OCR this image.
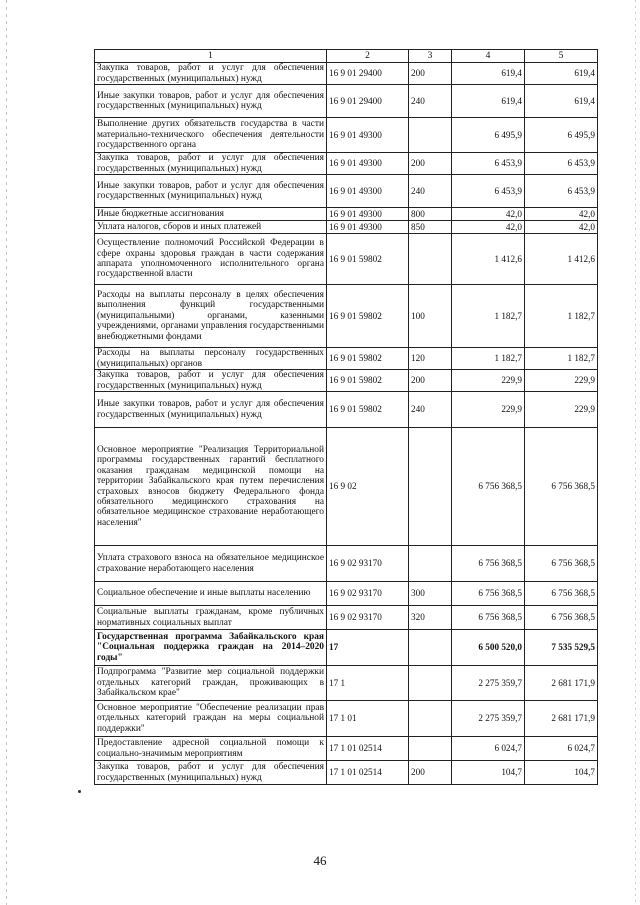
1	2	3	4	5
Закупка товаров, работ и услуг для обеспечения государственных (муниципальных) нужд	16 9 01 29400	200	619,4	619,4
Иные закупки товаров, работ и услуг для обеспечения государственных (муниципальных) нужд	16 9 01 29400	240	619,4	619,4
Выполнение других обязательств государства в части материально-технического обеспечения деятельности государственного органа	16 9 01 49300		6 495,9	6 495,9
Закупка товаров, работ и услуг для обеспечения государственных (муниципальных) нужд	16 9 01 49300	200	6 453,9	6 453,9
Иные закупки товаров, работ и услуг для обеспечения государственных (муниципальных) нужд	16 9 01 49300	240	6 453,9	6 453,9
Иные бюджетные ассигнования	16 9 01 49300	800	42,0	42,0
Уплата налогов, сборов и иных платежей	16 9 01 49300	850	42,0	42,0
Осуществление полномочий Российской Федерации в сфере охраны здоровья граждан в части содержания аппарата уполномоченного исполнительного органа государственной власти	16 9 01 59802		1 412,6	1 412,6
Расходы на выплаты персоналу в целях обеспечения выполнения функций государственными (муниципальными) органами, казенными учреждениями, органами управления государственными внебюджетными фондами	16 9 01 59802	100	1 182,7	1 182,7
Расходы на выплаты персоналу государственных (муниципальных) органов	16 9 01 59802	120	1 182,7	1 182,7
Закупка товаров, работ и услуг для обеспечения государственных (муниципальных) нужд	16 9 01 59802	200	229,9	229,9
Иные закупки товаров, работ и услуг для обеспечения государственных (муниципальных) нужд	16 9 01 59802	240	229,9	229,9
Основное мероприятие "Реализация Территориальной программы государственных гарантий бесплатного оказания гражданам медицинской помощи на территории Забайкальского края путем перечисления страховых взносов бюджету Федерального фонда обязательного медицинского страхования на обязательное медицинское страхование неработающего населения"	16 9 02		6 756 368,5	6 756 368,5
Уплата страхового взноса на обязательное медицинское страхование неработающего населения	16 9 02 93170		6 756 368,5	6 756 368,5
Социальное обеспечение и иные выплаты населению	16 9 02 93170	300	6 756 368,5	6 756 368,5
Социальные выплаты гражданам, кроме публичных нормативных социальных выплат	16 9 02 93170	320	6 756 368,5	6 756 368,5
Государственная программа Забайкальского края "Социальная поддержка граждан на 2014–2020 годы"	17		6 500 520,0	7 535 529,5
Подпрограмма "Развитие мер социальной поддержки отдельных категорий граждан, проживающих в Забайкальском крае"	17 1		2 275 359,7	2 681 171,9
Основное мероприятие "Обеспечение реализации прав отдельных категорий граждан на меры социальной поддержки"	17 1 01		2 275 359,7	2 681 171,9
Предоставление адресной социальной помощи к социально-значимым мероприятиям	17 1 01 02514		6 024,7	6 024,7
Закупка товаров, работ и услуг для обеспечения государственных (муниципальных) нужд	17 1 01 02514	200	104,7	104,7
46
